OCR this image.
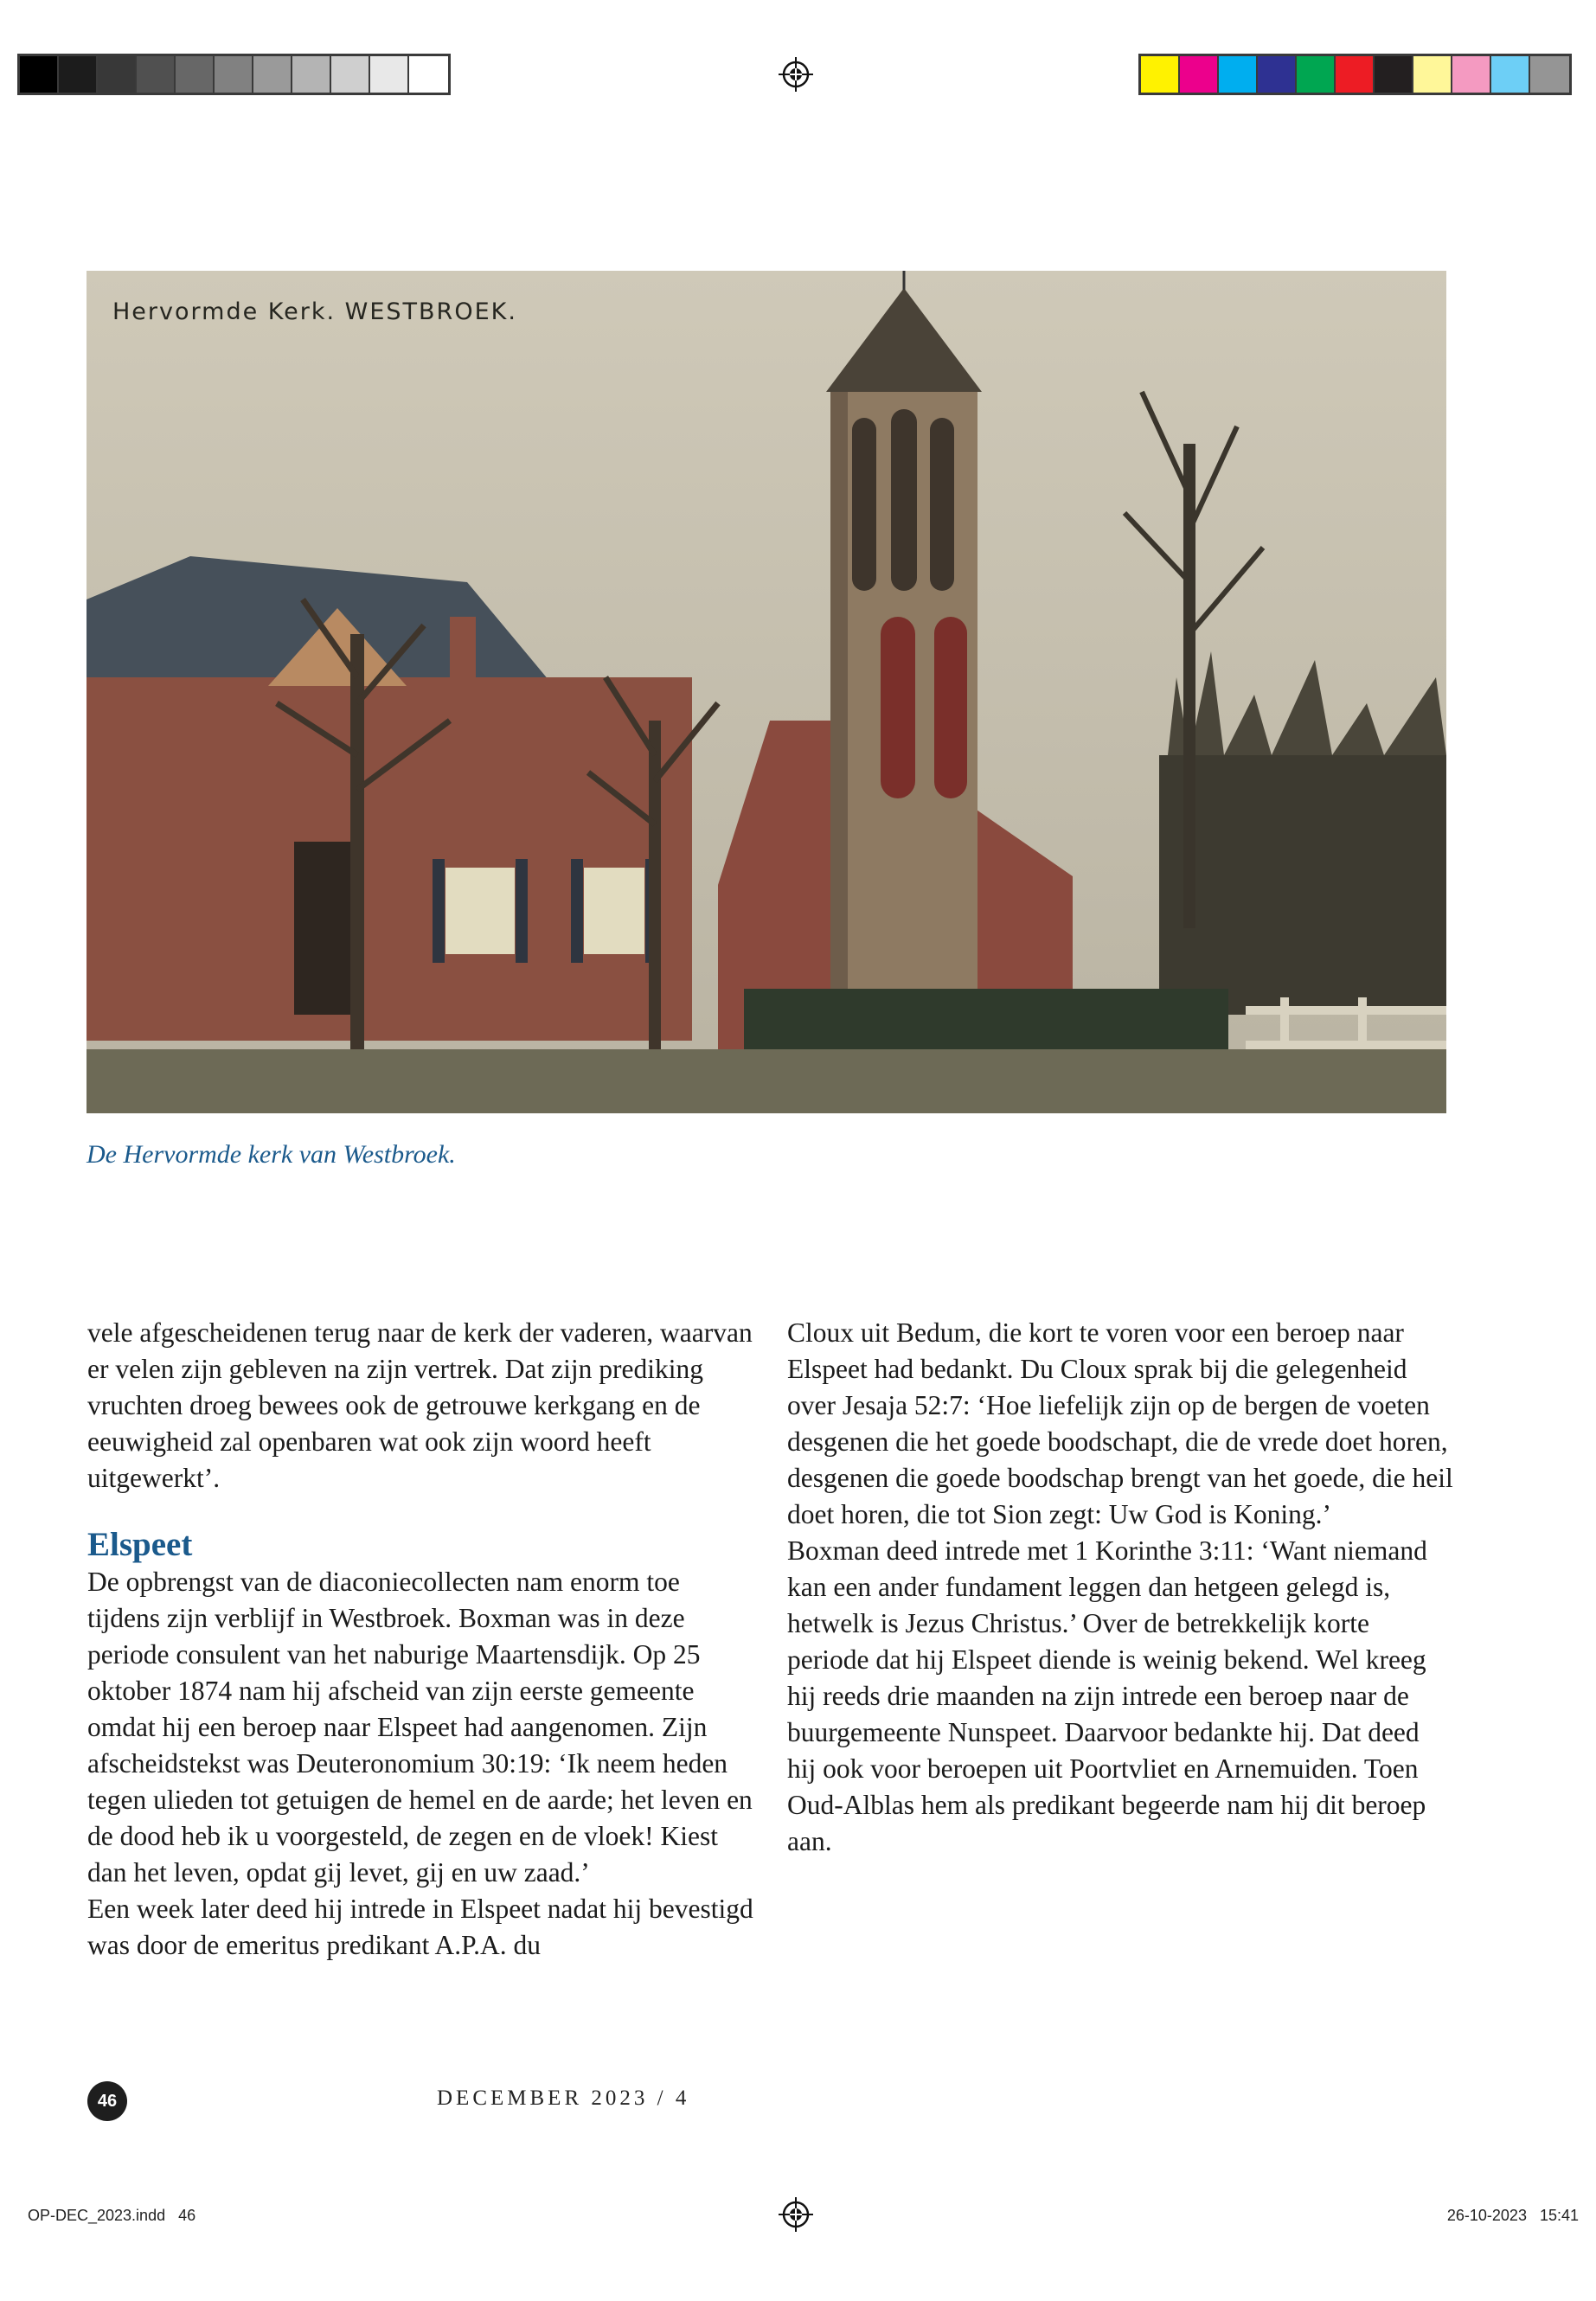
Hervormde Kerk. WESTBROEK.
De Hervormde kerk van Westbroek.

vele afgescheidenen terug naar de kerk der vaderen, waarvan er velen zijn gebleven na zijn vertrek. Dat zijn prediking vruchten droeg bewees ook de getrouwe kerkgang en de eeuwigheid zal openbaren wat ook zijn woord heeft uitgewerkt’.

Elspeet

De opbrengst van de diaconiecollecten nam enorm toe tijdens zijn verblijf in Westbroek. Boxman was in deze periode consulent van het naburige Maartensdijk. Op 25 oktober 1874 nam hij afscheid van zijn eerste gemeente omdat hij een beroep naar Elspeet had aangenomen. Zijn afscheidstekst was Deuteronomium 30:19: ‘Ik neem heden tegen ulieden tot getuigen de hemel en de aarde; het leven en de dood heb ik u voorgesteld, de zegen en de vloek! Kiest dan het leven, opdat gij levet, gij en uw zaad.’

Een week later deed hij intrede in Elspeet nadat hij bevestigd was door de emeritus predikant A.P.A. du

Cloux uit Bedum, die kort te voren voor een beroep naar Elspeet had bedankt. Du Cloux sprak bij die gelegenheid over Jesaja 52:7: ‘Hoe liefelijk zijn op de bergen de voeten desgenen die het goede boodschapt, die de vrede doet horen, desgenen die goede boodschap brengt van het goede, die heil doet horen, die tot Sion zegt: Uw God is Koning.’

Boxman deed intrede met 1 Korinthe 3:11: ‘Want niemand kan een ander fundament leggen dan hetgeen gelegd is, hetwelk is Jezus Christus.’ Over de betrekkelijk korte periode dat hij Elspeet diende is weinig bekend. Wel kreeg hij reeds drie maanden na zijn intrede een beroep naar de buurgemeente Nunspeet. Daarvoor bedankte hij. Dat deed hij ook voor beroepen uit Poortvliet en Arnemuiden. Toen Oud-Alblas hem als predikant begeerde nam hij dit beroep aan.

46	DECEMBER 2023 / 4
OP-DEC_2023.indd   46	26-10-2023   15:41
